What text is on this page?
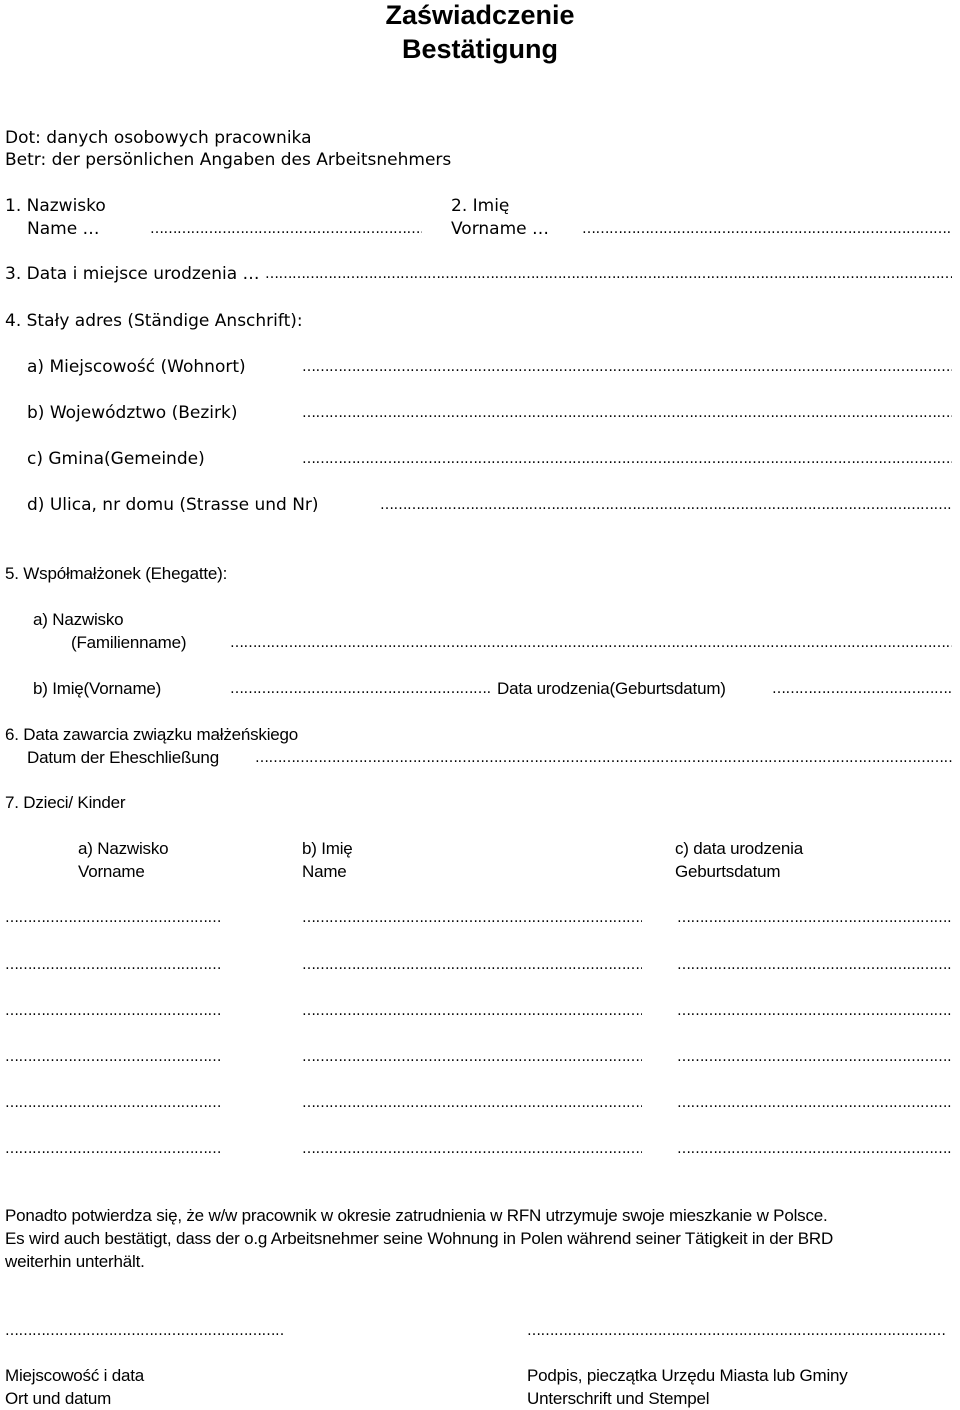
Zaświadczenie
Bestätigung
Dot: danych osobowych pracownika
Betr: der persönlichen Angaben des Arbeitsnehmers
1. Nazwisko
Name …
……………………………………………………………………………………………………………………………………………………………………………………………………………………………
2. Imię
Vorname …
……………………………………………………………………………………………………………………………………………………………………………………………………………………………
3. Data i miejsce urodzenia …
……………………………………………………………………………………………………………………………………………………………………………………………………………………………
4. Stały adres (Ständige Anschrift):
a) Miejscowość (Wohnort)
……………………………………………………………………………………………………………………………………………………………………………………………………………………………
b) Województwo (Bezirk)
……………………………………………………………………………………………………………………………………………………………………………………………………………………………
c) Gmina(Gemeinde)
……………………………………………………………………………………………………………………………………………………………………………………………………………………………
d) Ulica, nr domu (Strasse und Nr)
……………………………………………………………………………………………………………………………………………………………………………………………………………………………
5. Współmałżonek (Ehegatte):
a) Nazwisko
(Familienname)
……………………………………………………………………………………………………………………………………………………………………………………………………………………………
b) Imię(Vorname)
……………………………………………………………………………………………………………………………………………………………………………………………………………………………	Data urodzenia(Geburtsdatum)
……………………………………………………………………………………………………………………………………………………………………………………………………………………………
6. Data zawarcia związku małżeńskiego
Datum der Eheschließung
……………………………………………………………………………………………………………………………………………………………………………………………………………………………
7. Dzieci/ Kinder
a) Nazwisko
Vorname
b) Imię
Name
c) data urodzenia
Geburtsdatum
……………………………………………………………………………………………………………………………………………………………………………………………………………………………
……………………………………………………………………………………………………………………………………………………………………………………………………………………………
……………………………………………………………………………………………………………………………………………………………………………………………………………………………
……………………………………………………………………………………………………………………………………………………………………………………………………………………………
……………………………………………………………………………………………………………………………………………………………………………………………………………………………
……………………………………………………………………………………………………………………………………………………………………………………………………………………………
……………………………………………………………………………………………………………………………………………………………………………………………………………………………
……………………………………………………………………………………………………………………………………………………………………………………………………………………………
……………………………………………………………………………………………………………………………………………………………………………………………………………………………
……………………………………………………………………………………………………………………………………………………………………………………………………………………………
……………………………………………………………………………………………………………………………………………………………………………………………………………………………
……………………………………………………………………………………………………………………………………………………………………………………………………………………………
……………………………………………………………………………………………………………………………………………………………………………………………………………………………
……………………………………………………………………………………………………………………………………………………………………………………………………………………………
……………………………………………………………………………………………………………………………………………………………………………………………………………………………
……………………………………………………………………………………………………………………………………………………………………………………………………………………………
……………………………………………………………………………………………………………………………………………………………………………………………………………………………
……………………………………………………………………………………………………………………………………………………………………………………………………………………………
Ponadto potwierdza się, że w/w pracownik w okresie zatrudnienia w RFN utrzymuje swoje mieszkanie w Polsce.
Es wird auch bestätigt, dass der o.g Arbeitsnehmer seine Wohnung in Polen während seiner Tätigkeit in der BRD
weiterhin unterhält.
……………………………………………………………………………………………………………………………………………………………………………………………………………………………
……………………………………………………………………………………………………………………………………………………………………………………………………………………………
Miejscowość i data
Ort und datum
Podpis, pieczątka Urzędu Miasta lub Gminy
Unterschrift und Stempel
